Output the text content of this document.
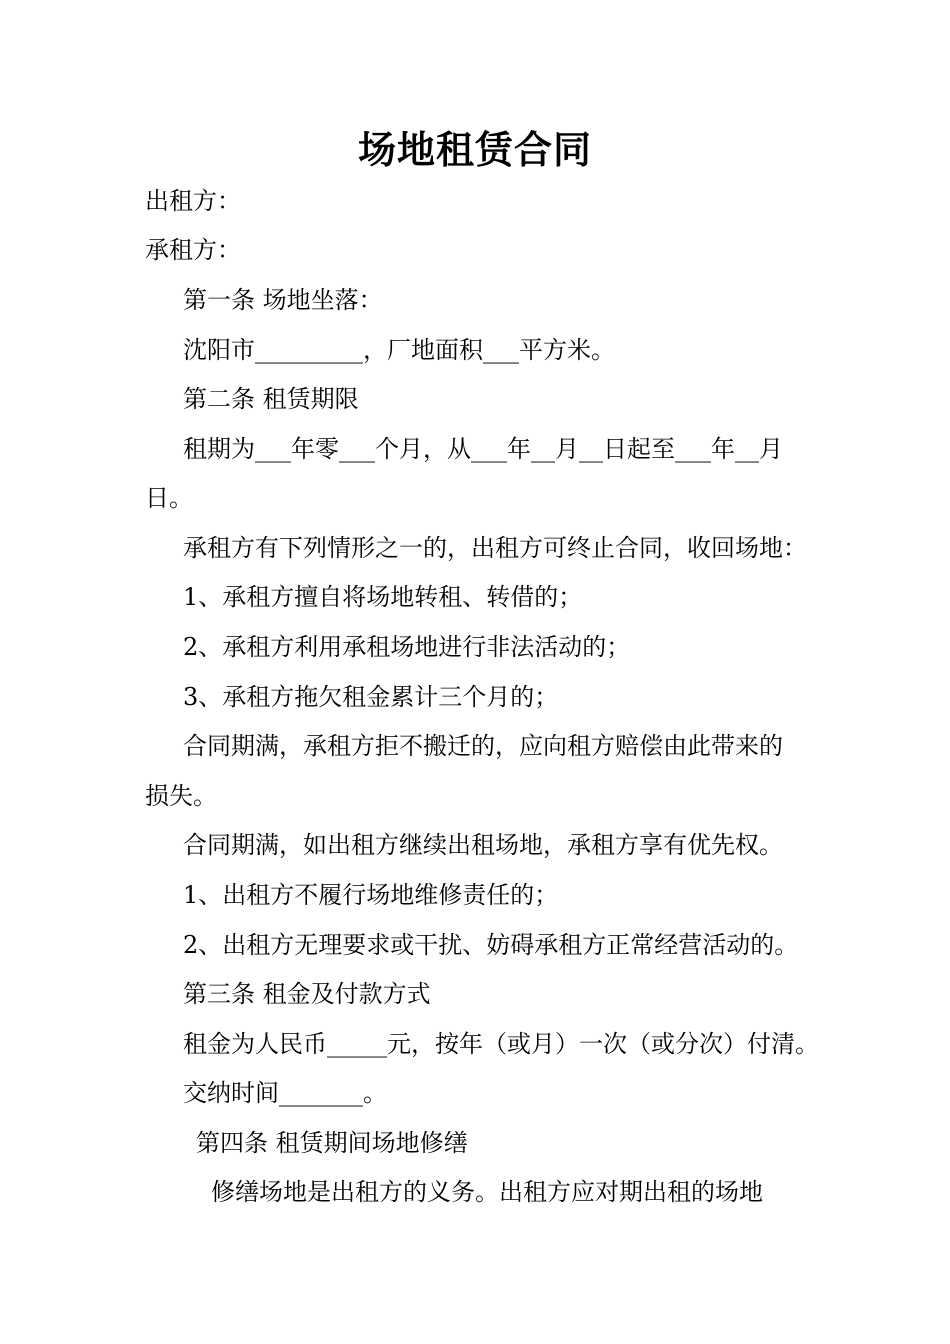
场地租赁合同
出租方：
承租方：
第一条 场地坐落：
沈阳市_________，厂地面积___平方米。
第二条 租赁期限
租期为___年零___个月，从___年__月__日起至___年__月
日。
承租方有下列情形之一的，出租方可终止合同，收回场地：
1、承租方擅自将场地转租、转借的；
2、承租方利用承租场地进行非法活动的；
3、承租方拖欠租金累计三个月的；
合同期满，承租方拒不搬迁的，应向租方赔偿由此带来的
损失。
合同期满，如出租方继续出租场地，承租方享有优先权。
1、出租方不履行场地维修责任的；
2、出租方无理要求或干扰、妨碍承租方正常经营活动的。
第三条 租金及付款方式
租金为人民币_____元，按年（或月）一次（或分次）付清。
交纳时间_______。
第四条 租赁期间场地修缮
修缮场地是出租方的义务。出租方应对期出租的场地
